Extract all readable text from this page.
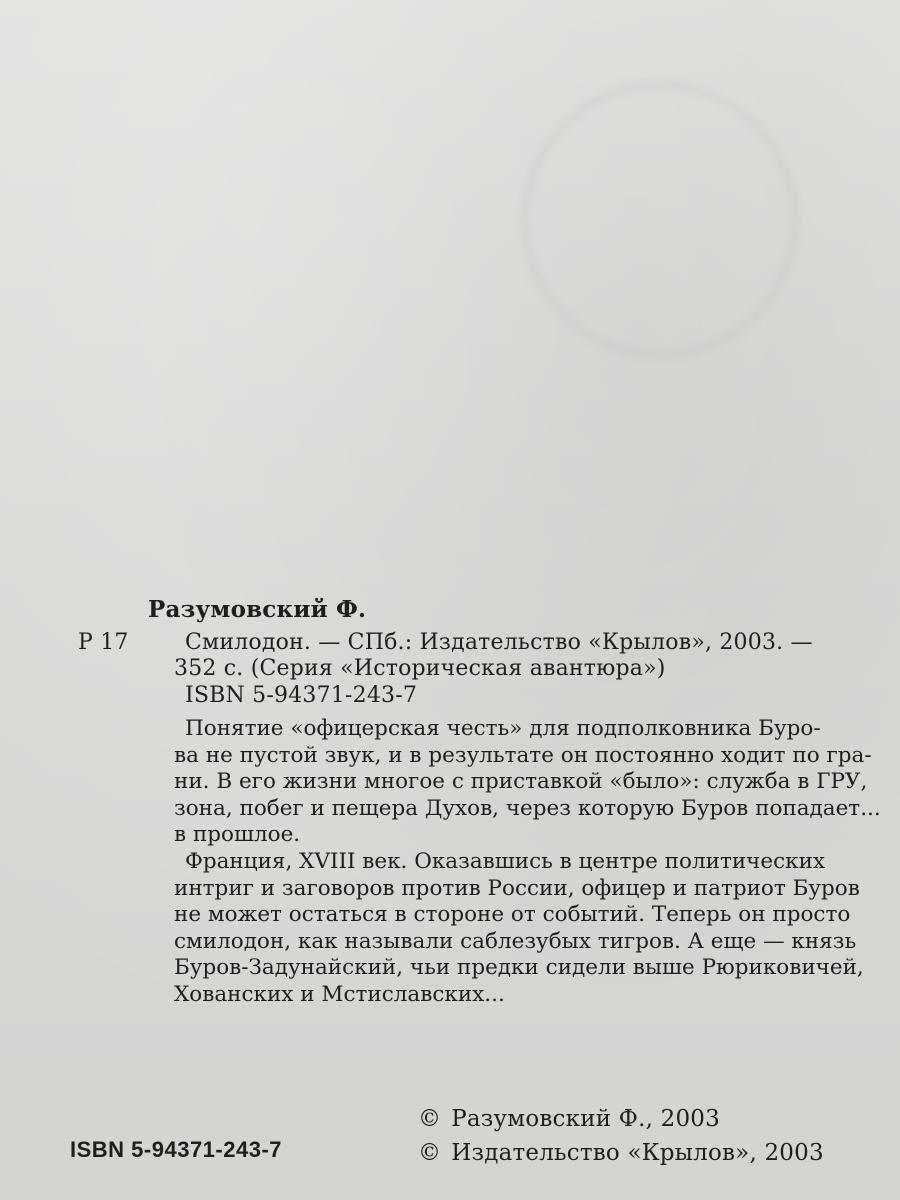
Разумовский Ф.
Р 17	Смилодон. — СПб.: Издательство «Крылов», 2003. —
352 с. (Серия «Историческая авантюра»)
ISBN 5-94371-243-7
Понятие «офицерская честь» для подполковника Буро-
ва не пустой звук, и в результате он постоянно ходит по гра-
ни. В его жизни многое с приставкой «было»: служба в ГРУ,
зона, побег и пещера Духов, через которую Буров попадает...
в прошлое.
Франция, XVIII век. Оказавшись в центре политических
интриг и заговоров против России, офицер и патриот Буров
не может остаться в стороне от событий. Теперь он просто
смилодон, как называли саблезубых тигров. А еще — князь
Буров-Задунайский, чьи предки сидели выше Рюриковичей,
Хованских и Мстиславских...
ISBN 5-94371-243-7
© Разумовский Ф., 2003
© Издательство «Крылов», 2003
